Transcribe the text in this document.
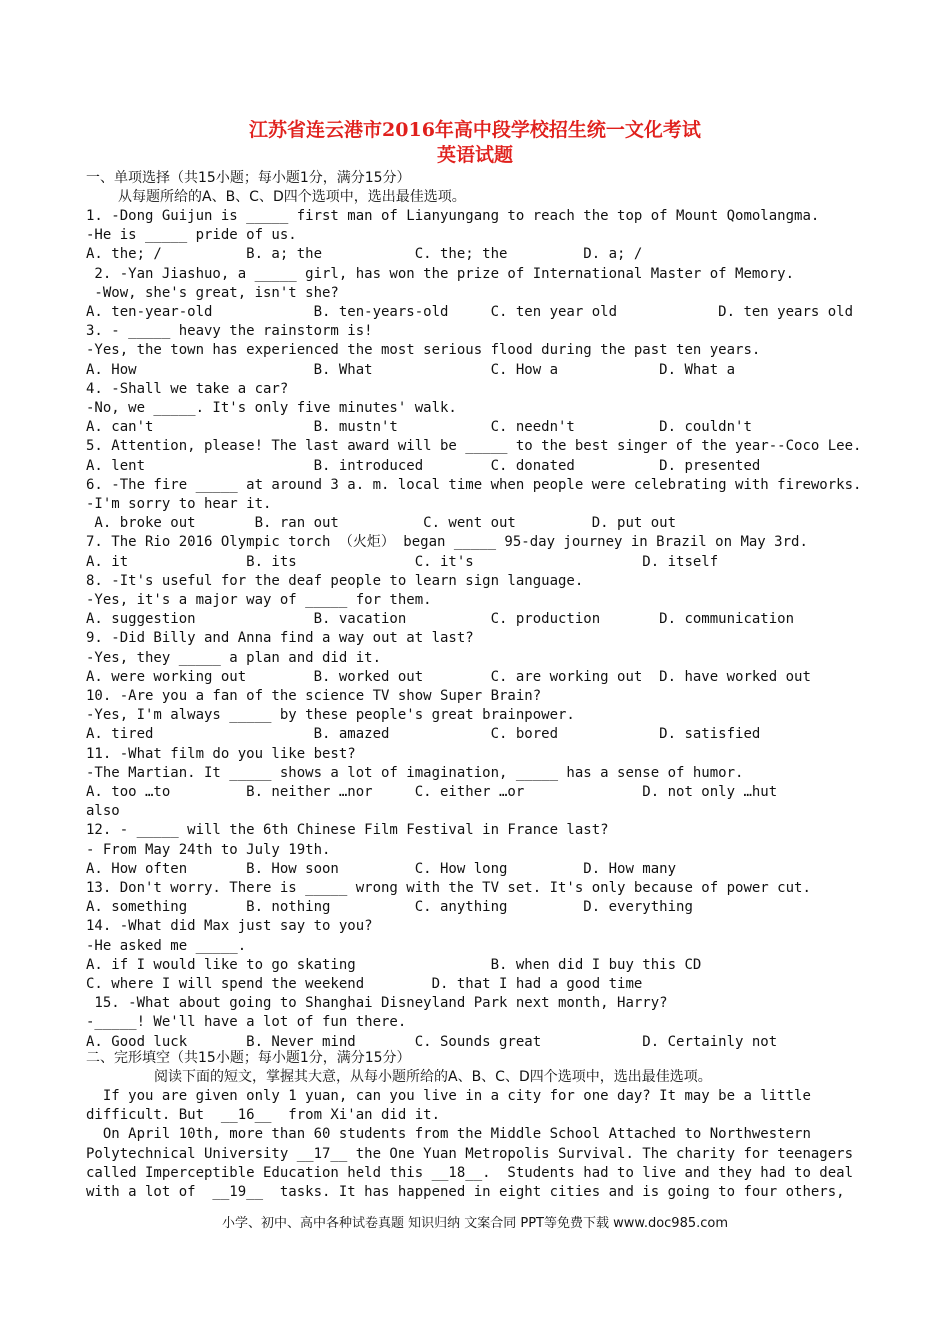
江苏省连云港市2016年高中段学校招生统一文化考试
英语试题

一、单项选择（共15小题；每小题1分，满分15分）

从每题所给的A、B、C、D四个选项中，选出最佳选项。

1. -Dong Guijun is _____ first man of Lianyungang to reach the top of Mount Qomolangma.

-He is _____ pride of us.

A. the; /          B. a; the           C. the; the         D. a; /

2. -Yan Jiashuo, a _____ girl, has won the prize of International Master of Memory.

-Wow, she's great, isn't she?

A. ten-year-old            B. ten-years-old     C. ten year old            D. ten years old

3. - _____ heavy the rainstorm is!

-Yes, the town has experienced the most serious flood during the past ten years.

A. How                     B. What              C. How a            D. What a

4. -Shall we take a car?

-No, we _____. It's only five minutes' walk.

A. can't                   B. mustn't           C. needn't          D. couldn't

5. Attention, please! The last award will be _____ to the best singer of the year--Coco Lee.

A. lent                    B. introduced        C. donated          D. presented

6. -The fire _____ at around 3 a. m. local time when people were celebrating with fireworks.

-I'm sorry to hear it.

A. broke out       B. ran out          C. went out         D. put out

7. The Rio 2016 Olympic torch （火炬） began _____ 95-day journey in Brazil on May 3rd.

A. it              B. its              C. it's                    D. itself

8. -It's useful for the deaf people to learn sign language.

-Yes, it's a major way of _____ for them.

A. suggestion              B. vacation          C. production       D. communication

9. -Did Billy and Anna find a way out at last?

-Yes, they _____ a plan and did it.

A. were working out        B. worked out        C. are working out  D. have worked out

10. -Are you a fan of the science TV show Super Brain?

-Yes, I'm always _____ by these people's great brainpower.

A. tired                   B. amazed            C. bored            D. satisfied

11. -What film do you like best?

-The Martian. It _____ shows a lot of imagination, _____ has a sense of humor.

A. too …to         B. neither …nor     C. either …or              D. not only …hut

also

12. - _____ will the 6th Chinese Film Festival in France last?

- From May 24th to July 19th.

A. How often       B. How soon         C. How long         D. How many

13. Don't worry. There is _____ wrong with the TV set. It's only because of power cut.

A. something       B. nothing          C. anything         D. everything

14. -What did Max just say to you?

-He asked me _____.

A. if I would like to go skating                B. when did I buy this CD

C. where I will spend the weekend        D. that I had a good time

15. -What about going to Shanghai Disneyland Park next month, Harry?

-_____! We'll have a lot of fun there.

A. Good luck       B. Never mind       C. Sounds great            D. Certainly not

二、完形填空（共15小题；每小题1分，满分15分）

阅读下面的短文，掌握其大意，从每小题所给的A、B、C、D四个选项中，选出最佳选项。

If you are given only 1 yuan, can you live in a city for one day? It may be a little

difficult. But  __16__  from Xi'an did it.

On April 10th, more than 60 students from the Middle School Attached to Northwestern

Polytechnical University __17__ the One Yuan Metropolis Survival. The charity for teenagers

called Imperceptible Education held this __18__.  Students had to live and they had to deal

with a lot of  __19__  tasks. It has happened in eight cities and is going to four others,

小学、初中、高中各种试卷真题 知识归纳 文案合同 PPT等免费下载 www.doc985.com
